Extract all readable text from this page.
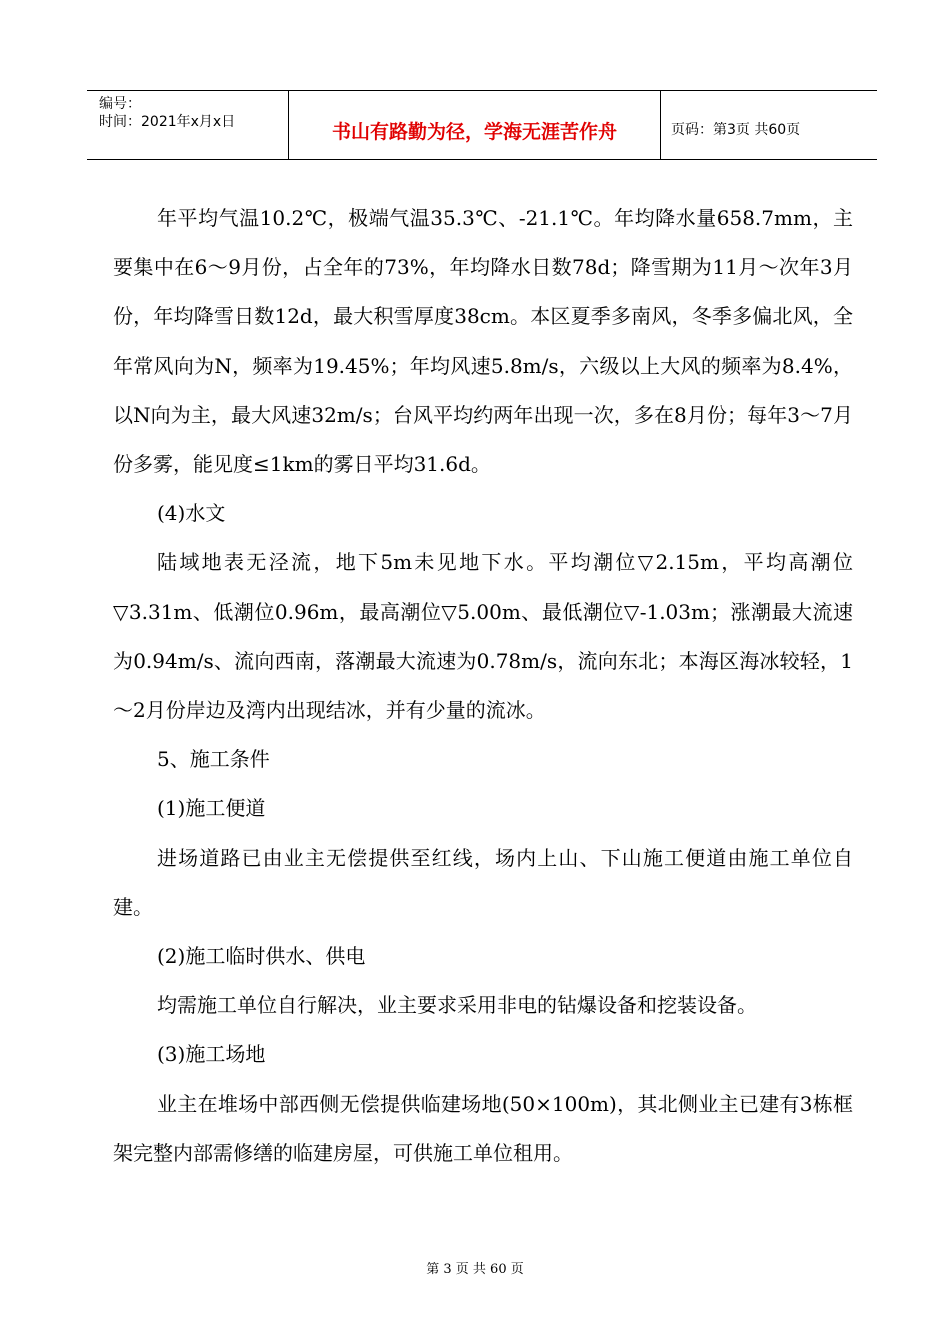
编号：
时间：2021年x月x日	书山有路勤为径，学海无涯苦作舟	页码：第3页 共60页

年平均气温10.2℃，极端气温35.3℃、-21.1℃。年均降水量658.7mm，主要集中在6～9月份，占全年的73%，年均降水日数78d；降雪期为11月～次年3月份，年均降雪日数12d，最大积雪厚度38cm。本区夏季多南风，冬季多偏北风，全年常风向为N，频率为19.45%；年均风速5.8m/s，六级以上大风的频率为8.4%，以N向为主，最大风速32m/s；台风平均约两年出现一次，多在8月份；每年3～7月份多雾，能见度≤1km的雾日平均31.6d。

(4)水文

陆域地表无泾流，地下5m未见地下水。平均潮位▽2.15m，平均高潮位▽3.31m、低潮位0.96m，最高潮位▽5.00m、最低潮位▽-1.03m；涨潮最大流速为0.94m/s、流向西南，落潮最大流速为0.78m/s，流向东北；本海区海冰较轻，1～2月份岸边及湾内出现结冰，并有少量的流冰。

5、施工条件

(1)施工便道

进场道路已由业主无偿提供至红线，场内上山、下山施工便道由施工单位自建。

(2)施工临时供水、供电

均需施工单位自行解决，业主要求采用非电的钻爆设备和挖装设备。

(3)施工场地

业主在堆场中部西侧无偿提供临建场地(50×100m)，其北侧业主已建有3栋框架完整内部需修缮的临建房屋，可供施工单位租用。

第 3 页 共 60 页
